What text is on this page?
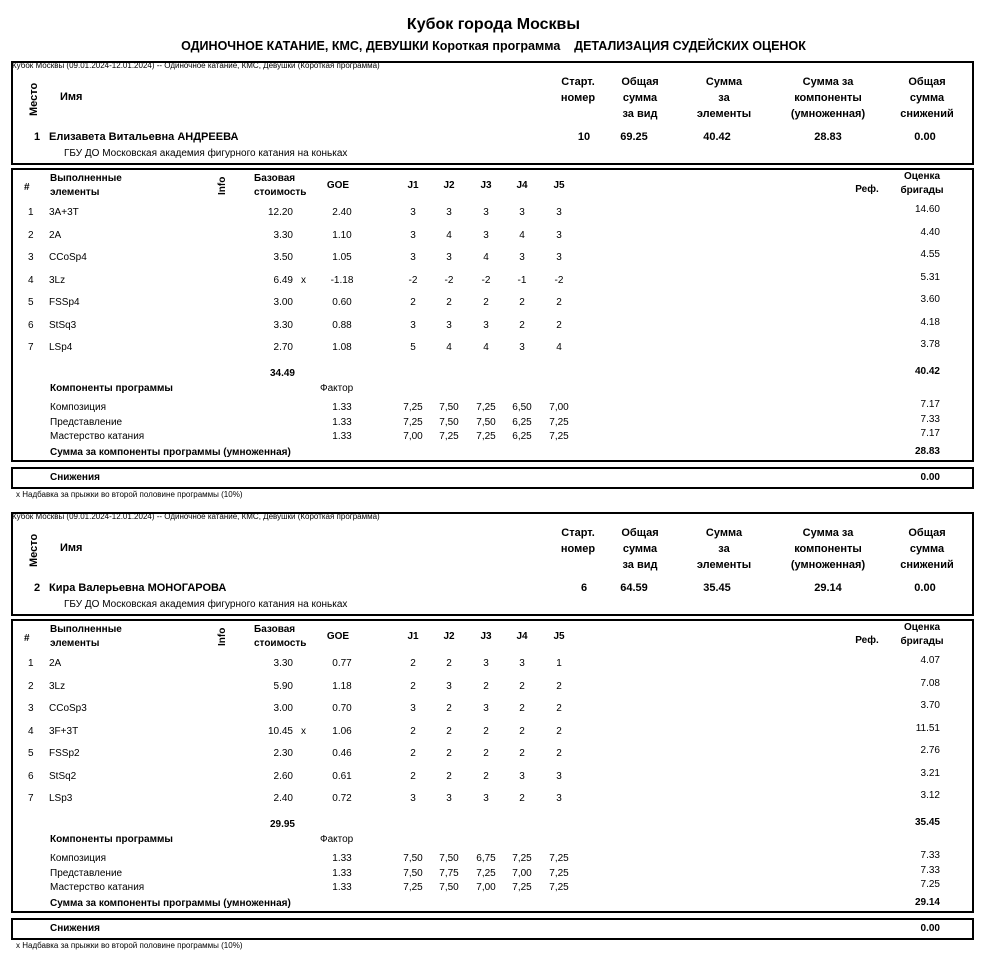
Кубок города Москвы
ОДИНОЧНОЕ КАТАНИЕ, КМС, ДЕВУШКИ Короткая программа    ДЕТАЛИЗАЦИЯ СУДЕЙСКИХ ОЦЕНОК
Кубок Москвы (09.01.2024-12.01.2024) -- Одиночное катание, КМС, Девушки (Короткая программа)
Место Имя
Старт.
номер
Общая
сумма
за вид
Сумма
за
элементы
Сумма за
компоненты
(умноженная)
Общая
сумма
снижений
1 Елизавета Витальевна АНДРЕЕВА
ГБУ ДО Московская академия фигурного катания на коньках
10	69.25	40.42	28.83	0.00
#
Выполненные
элементы	Info	Базовая
стоимость
GOE	J1	J2	J3	J4	J5	Реф.
Оценка
бригады
1 3A+3T	12.20	2.40	3	3	3	3	3	14.60
2 2A	3.30	1.10	3	4	3	4	3	4.40
3 CCoSp4	3.50	1.05	3	3	4	3	3	4.55
4 3Lz	6.49 x	-1.18	-2	-2	-2	-1	-2	5.31
5 FSSp4	3.00	0.60	2	2	2	2	2	3.60
6 StSq3	3.30	0.88	3	3	3	2	2	4.18
7 LSp4	2.70	1.08	5	4	4	3	4	3.78
34.49	40.42
Компоненты программы	Фактор
Композиция	1.33	7,25	7,50	7,25	6,50	7,00	7.17
Представление	1.33	7,25	7,50	7,50	6,25	7,25	7.33
Мастерство катания	1.33	7,00	7,25	7,25	6,25	7,25	7.17
Сумма за компоненты программы (умноженная)	28.83
Снижения	0.00
x Надбавка за прыжки во второй половине программы (10%)
Кубок Москвы (09.01.2024-12.01.2024) -- Одиночное катание, КМС, Девушки (Короткая программа)
Место Имя
Старт.
номер
Общая
сумма
за вид
Сумма
за
элементы
Сумма за
компоненты
(умноженная)
Общая
сумма
снижений
2 Кира Валерьевна МОНОГАРОВА
ГБУ ДО Московская академия фигурного катания на коньках
6	64.59	35.45	29.14	0.00
#
Выполненные
элементы	Info	Базовая
стоимость
GOE	J1	J2	J3	J4	J5	Реф.
Оценка
бригады
1 2A	3.30	0.77	2	2	3	3	1	4.07
2 3Lz	5.90	1.18	2	3	2	2	2	7.08
3 CCoSp3	3.00	0.70	3	2	3	2	2	3.70
4 3F+3T	10.45 x	1.06	2	2	2	2	2	11.51
5 FSSp2	2.30	0.46	2	2	2	2	2	2.76
6 StSq2	2.60	0.61	2	2	2	3	3	3.21
7 LSp3	2.40	0.72	3	3	3	2	3	3.12
29.95	35.45
Компоненты программы	Фактор
Композиция	1.33	7,50	7,50	6,75	7,25	7,25	7.33
Представление	1.33	7,50	7,75	7,25	7,00	7,25	7.33
Мастерство катания	1.33	7,25	7,50	7,00	7,25	7,25	7.25
Сумма за компоненты программы (умноженная)	29.14
Снижения	0.00
x Надбавка за прыжки во второй половине программы (10%)
